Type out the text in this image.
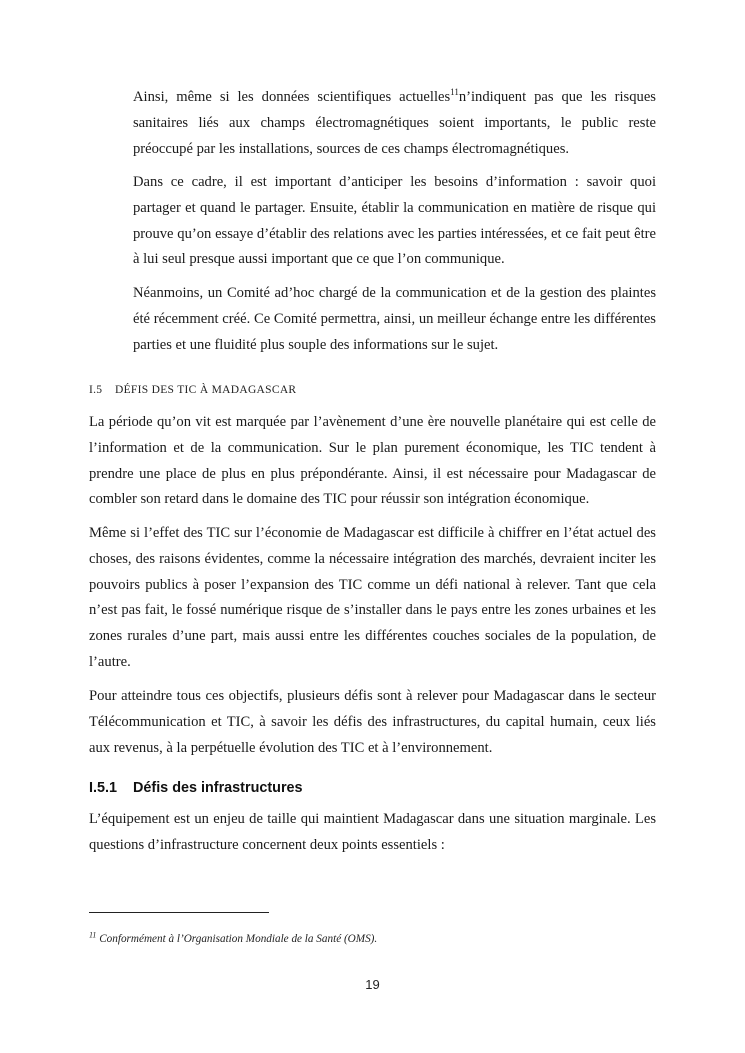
Ainsi, même si les données scientifiques actuelles$^{11}$n’indiquent pas que les risques sanitaires liés aux champs électromagnétiques soient importants, le public reste préoccupé par les installations, sources de ces champs électromagnétiques.

Dans ce cadre, il est important d’anticiper les besoins d’information : savoir quoi partager et quand le partager. Ensuite, établir la communication en matière de risque qui prouve qu’on essaye d’établir des relations avec les parties intéressées, et ce fait peut être à lui seul presque aussi important que ce que l’on communique.

Néanmoins, un Comité ad’hoc chargé de la communication et de la gestion des plaintes été récemment créé. Ce Comité permettra, ainsi, un meilleur échange entre les différentes parties et une fluidité plus souple des informations sur le sujet.

I.5 DÉFIS DES TIC À MADAGASCAR

La période qu’on vit est marquée par l’avènement d’une ère nouvelle planétaire qui est celle de l’information et de la communication. Sur le plan purement économique, les TIC tendent à prendre une place de plus en plus prépondérante. Ainsi, il est nécessaire pour Madagascar de combler son retard dans le domaine des TIC pour réussir son intégration économique.

Même si l’effet des TIC sur l’économie de Madagascar est difficile à chiffrer en l’état actuel des choses, des raisons évidentes, comme la nécessaire intégration des marchés, devraient inciter les pouvoirs publics à poser l’expansion des TIC comme un défi national à relever. Tant que cela n’est pas fait, le fossé numérique risque de s’installer dans le pays entre les zones urbaines et les zones rurales d’une part, mais aussi entre les différentes couches sociales de la population, de l’autre.

Pour atteindre tous ces objectifs, plusieurs défis sont à relever pour Madagascar dans le secteur Télécommunication et TIC, à savoir les défis des infrastructures, du capital humain, ceux liés aux revenus, à la perpétuelle évolution des TIC et à l’environnement.

I.5.1 Défis des infrastructures

L’équipement est un enjeu de taille qui maintient Madagascar dans une situation marginale. Les questions d’infrastructure concernent deux points essentiels :

$^{11}$ Conformément à l’Organisation Mondiale de la Santé (OMS).
19
